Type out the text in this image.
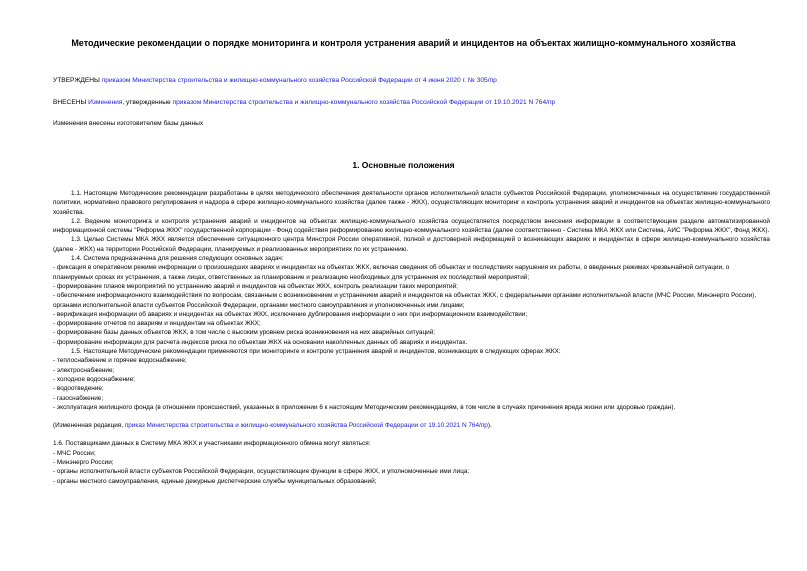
Методические рекомендации о порядке мониторинга и контроля устранения аварий и инцидентов на объектах жилищно-коммунального хозяйства
УТВЕРЖДЕНЫ приказом Министерства строительства и жилищно-коммунального хозяйства Российской Федерации от 4 июня 2020 г. № 305/пр
ВНЕСЕНЫ Изменения, утвержденные приказом Министерства строительства и жилищно-коммунального хозяйства Российской Федерации от 19.10.2021 N 764/пр
Изменения внесены изготовителем базы данных
1. Основные положения

1.1. Настоящие Методические рекомендации разработаны в целях методического обеспечения деятельности органов исполнительной власти субъектов Российской Федерации, уполномоченных на осуществление государственной политики, нормативно правового регулирования и надзора в сфере жилищно-коммунального хозяйства (далее также - ЖКХ), осуществляющих мониторинг и контроль устранения аварий и инцидентов на объектах жилищно-коммунального хозяйства.

1.2. Ведение мониторинга и контроля устранения аварий и инцидентов на объектах жилищно-коммунального хозяйства осуществляется посредством внесения информации в соответствующем разделе автоматизированной информационной системы "Реформа ЖКХ" государственной корпорации - Фонд содействия реформированию жилищно-коммунального хозяйства (далее соответственно - Система МКА ЖКХ или Система, АИС "Реформа ЖКХ", Фонд ЖКХ).

1.3. Целью Системы МКА ЖКХ является обеспечение ситуационного центра Минстроя России оперативной, полной и достоверной информацией о возникающих авариях и инцидентах в сфере жилищно-коммунального хозяйства (далее - ЖКХ) на территории Российской Федерации, планируемых и реализованных мероприятиях по их устранению.

1.4. Система предназначена для решения следующих основных задач:

- фиксация в оперативном режиме информации о произошедших авариях и инцидентах на объектах ЖКХ, включая сведения об объектах и последствиях нарушения их работы, о введенных режимах чрезвычайной ситуации, о планируемых сроках их устранения, а также лицах, ответственных за планирование и реализацию необходимых для устранения их последствий мероприятий;

- формирование планов мероприятий по устранению аварий и инцидентов на объектах ЖКХ, контроль реализации таких мероприятий;

- обеспечение информационного взаимодействия по вопросам, связанным с возникновением и устранением аварий и инцидентов на объектах ЖКХ, с федеральными органами исполнительной власти (МЧС России, Минэнерго России), органами исполнительной власти субъектов Российской Федерации, органами местного самоуправления и уполномоченных ими лицами;

- верификация информации об авариях и инцидентах на объектах ЖКХ, исключение дублирования информации о них при информационном взаимодействии;

- формирование отчетов по авариям и инцидентам на объектах ЖКХ;

- формирование базы данных объектов ЖКХ, в том числе с высоким уровнем риска возникновения на них аварийных ситуаций;

- формирование информации для расчета индексов риска по объектам ЖКХ на основании накопленных данных об авариях и инцидентах.

1.5. Настоящие Методические рекомендации применяются при мониторинге и контроле устранения аварий и инцидентов, возникающих в следующих сферах ЖКХ:

- теплоснабжение и горячее водоснабжение;

- электроснабжение;

- холодное водоснабжение;

- водоотведение;

- газоснабжение;

- эксплуатация жилищного фонда (в отношении происшествий, указанных в приложении 6 к настоящим Методическим рекомендациям, в том числе в случаях причинения вреда жизни или здоровью граждан).

(Измененная редакция, приказ Министерства строительства и жилищно-коммунального хозяйства Российской Федерации от 19.10.2021 N 764/пр).

1.6. Поставщиками данных в Систему МКА ЖКХ и участниками информационного обмена могут являться:

- МЧС России;

- Минэнерго России;

- органы исполнительной власти субъектов Российской Федерации, осуществляющие функции в сфере ЖКХ, и уполномоченные ими лица;

- органы местного самоуправления, единые дежурные диспетчерские службы муниципальных образований;
